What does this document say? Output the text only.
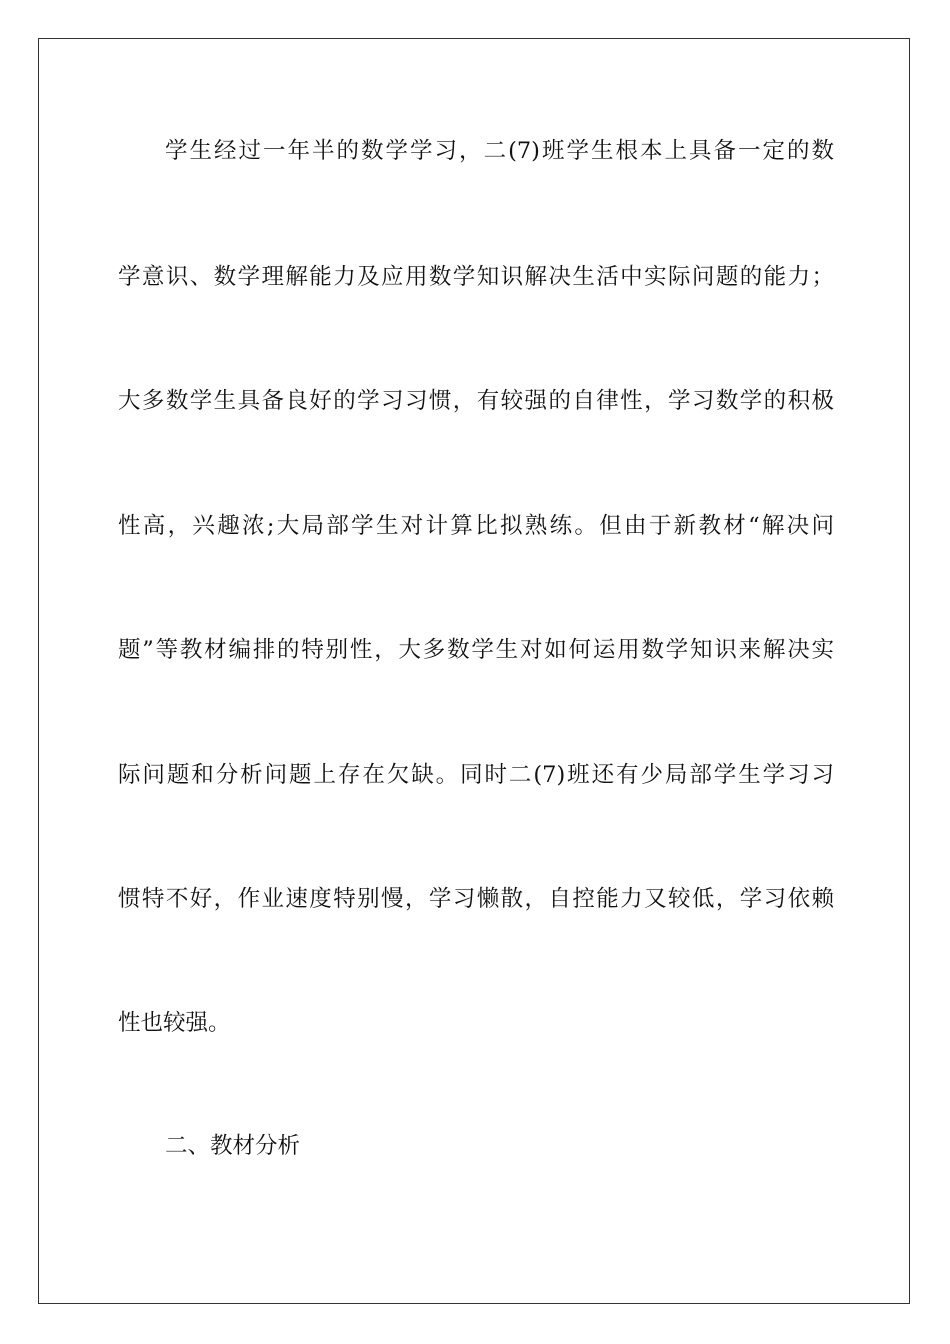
学生经过一年半的数学学习，二(7)班学生根本上具备一定的数
学意识、数学理解能力及应用数学知识解决生活中实际问题的能力；
大多数学生具备良好的学习习惯，有较强的自律性，学习数学的积极
性高，兴趣浓;大局部学生对计算比拟熟练。但由于新教材“解决问
题”等教材编排的特别性，大多数学生对如何运用数学知识来解决实
际问题和分析问题上存在欠缺。同时二(7)班还有少局部学生学习习
惯特不好，作业速度特别慢，学习懒散，自控能力又较低，学习依赖
性也较强。
二、教材分析
